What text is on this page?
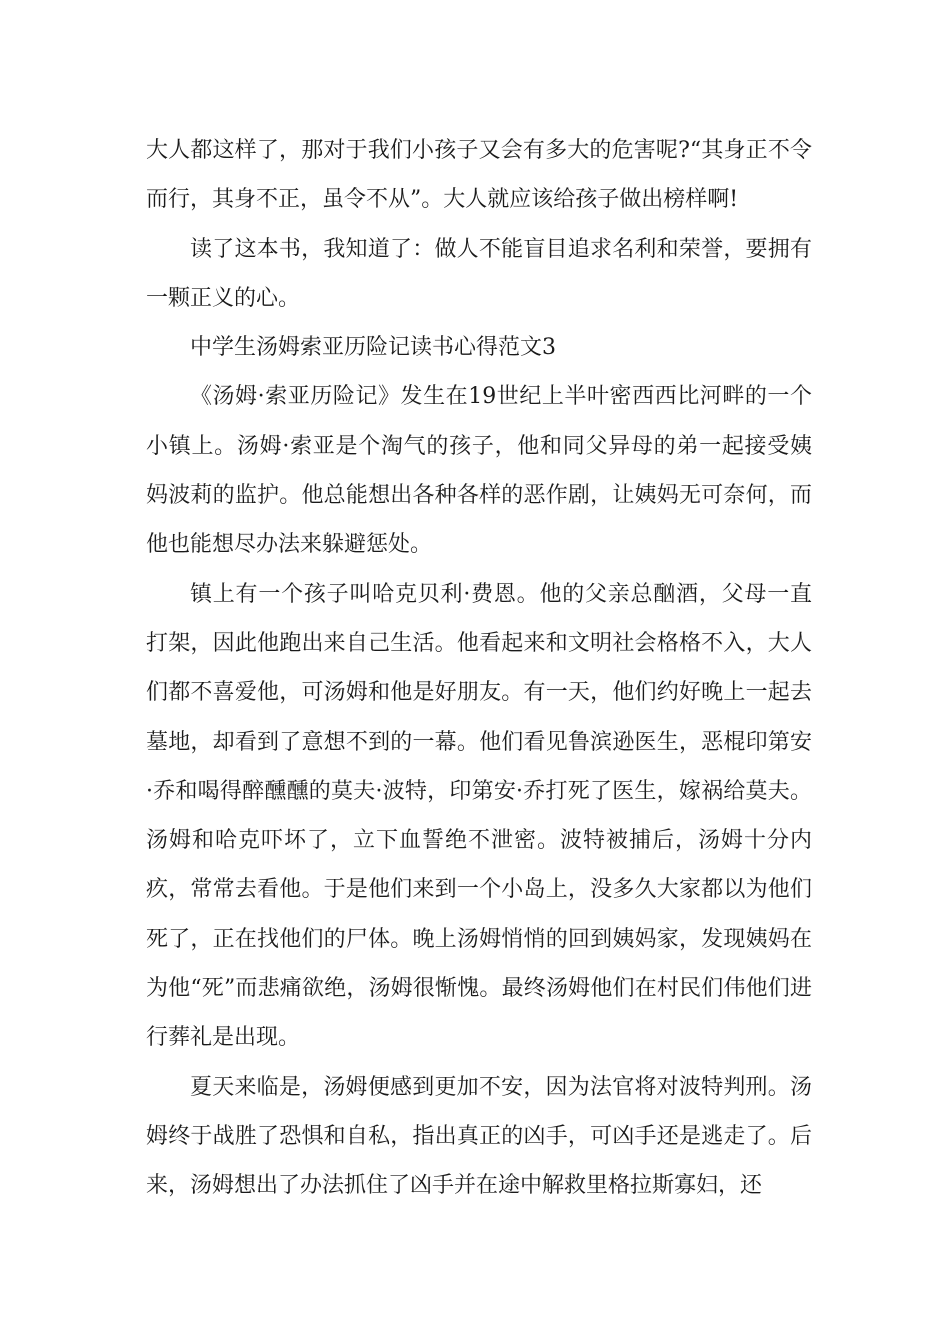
大人都这样了，那对于我们小孩子又会有多大的危害呢?“其身正不令而行，其身不正，虽令不从”。大人就应该给孩子做出榜样啊!

读了这本书，我知道了：做人不能盲目追求名利和荣誉，要拥有一颗正义的心。

中学生汤姆索亚历险记读书心得范文3

《汤姆·索亚历险记》发生在19世纪上半叶密西西比河畔的一个小镇上。汤姆·索亚是个淘气的孩子，他和同父异母的弟一起接受姨妈波莉的监护。他总能想出各种各样的恶作剧，让姨妈无可奈何，而他也能想尽办法来躲避惩处。

镇上有一个孩子叫哈克贝利·费恩。他的父亲总酗酒，父母一直打架，因此他跑出来自己生活。他看起来和文明社会格格不入，大人们都不喜爱他，可汤姆和他是好朋友。有一天，他们约好晚上一起去墓地，却看到了意想不到的一幕。他们看见鲁滨逊医生，恶棍印第安·乔和喝得醉醺醺的莫夫·波特，印第安·乔打死了医生，嫁祸给莫夫。汤姆和哈克吓坏了，立下血誓绝不泄密。波特被捕后，汤姆十分内疚，常常去看他。于是他们来到一个小岛上，没多久大家都以为他们死了，正在找他们的尸体。晚上汤姆悄悄的回到姨妈家，发现姨妈在为他“死”而悲痛欲绝，汤姆很惭愧。最终汤姆他们在村民们伟他们进行葬礼是出现。

夏天来临是，汤姆便感到更加不安，因为法官将对波特判刑。汤姆终于战胜了恐惧和自私，指出真正的凶手，可凶手还是逃走了。后来，汤姆想出了办法抓住了凶手并在途中解救里格拉斯寡妇，还
